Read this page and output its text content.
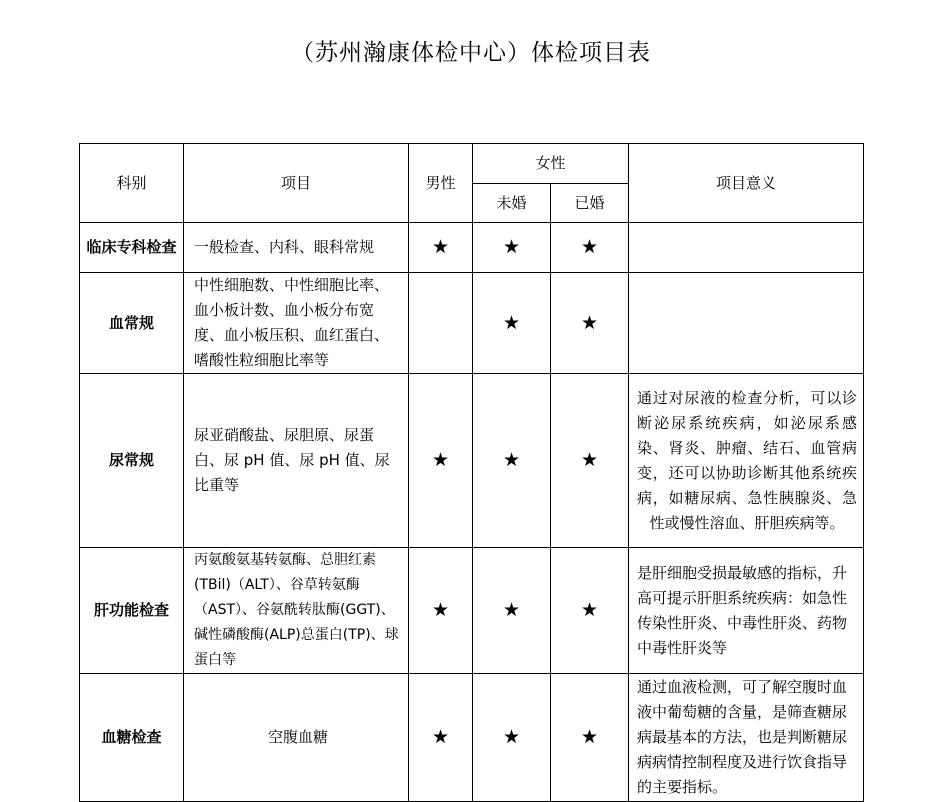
（苏州瀚康体检中心）体检项目表
科别	项目	男性	女性		项目意义
			未婚	已婚	
临床专科检查	一般检查、内科、眼科常规	★	★	★	
血常规	中性细胞数、中性细胞比率、血小板计数、血小板分布宽度、血小板压积、血红蛋白、嗜酸性粒细胞比率等		★	★	
尿常规	尿亚硝酸盐、尿胆原、尿蛋白、尿 pH 值、尿 pH 值、尿比重等	★	★	★	通过对尿液的检查分析，可以诊断泌尿系统疾病，如泌尿系感染、肾炎、肿瘤、结石、血管病变，还可以协助诊断其他系统疾病，如糖尿病、急性胰腺炎、急性或慢性溶血、肝胆疾病等。
肝功能检查	丙氨酸氨基转氨酶、总胆红素(TBil)（ALT）、谷草转氨酶（AST）、谷氨酰转肽酶(GGT)、碱性磷酸酶(ALP)总蛋白(TP)、球蛋白等	★	★	★	是肝细胞受损最敏感的指标，升高可提示肝胆系统疾病：如急性传染性肝炎、中毒性肝炎、药物中毒性肝炎等
血糖检查	空腹血糖	★	★	★	通过血液检测，可了解空腹时血液中葡萄糖的含量，是筛查糖尿病最基本的方法，也是判断糖尿病病情控制程度及进行饮食指导的主要指标。
